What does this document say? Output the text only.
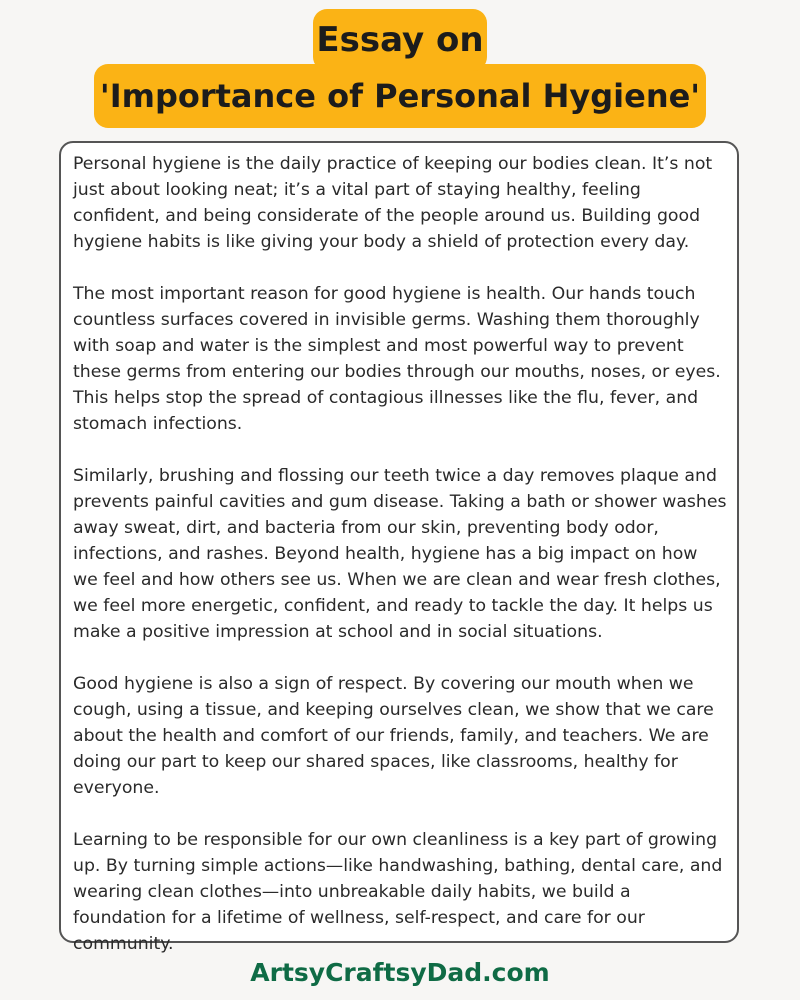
'Importance of Personal Hygiene'
Essay on

Personal hygiene is the daily practice of keeping our bodies clean. It’s not just about looking neat; it’s a vital part of staying healthy, feeling confident, and being considerate of the people around us. Building good hygiene habits is like giving your body a shield of protection every day.

The most important reason for good hygiene is health. Our hands touch countless surfaces covered in invisible germs. Washing them thoroughly with soap and water is the simplest and most powerful way to prevent these germs from entering our bodies through our mouths, noses, or eyes. This helps stop the spread of contagious illnesses like the flu, fever, and stomach infections.

Similarly, brushing and flossing our teeth twice a day removes plaque and prevents painful cavities and gum disease. Taking a bath or shower washes away sweat, dirt, and bacteria from our skin, preventing body odor, infections, and rashes. Beyond health, hygiene has a big impact on how we feel and how others see us. When we are clean and wear fresh clothes, we feel more energetic, confident, and ready to tackle the day. It helps us make a positive impression at school and in social situations.

Good hygiene is also a sign of respect. By covering our mouth when we cough, using a tissue, and keeping ourselves clean, we show that we care about the health and comfort of our friends, family, and teachers. We are doing our part to keep our shared spaces, like classrooms, healthy for everyone.

Learning to be responsible for our own cleanliness is a key part of growing up. By turning simple actions—like handwashing, bathing, dental care, and wearing clean clothes—into unbreakable daily habits, we build a foundation for a lifetime of wellness, self-respect, and care for our community.

ArtsyCraftsyDad.com
